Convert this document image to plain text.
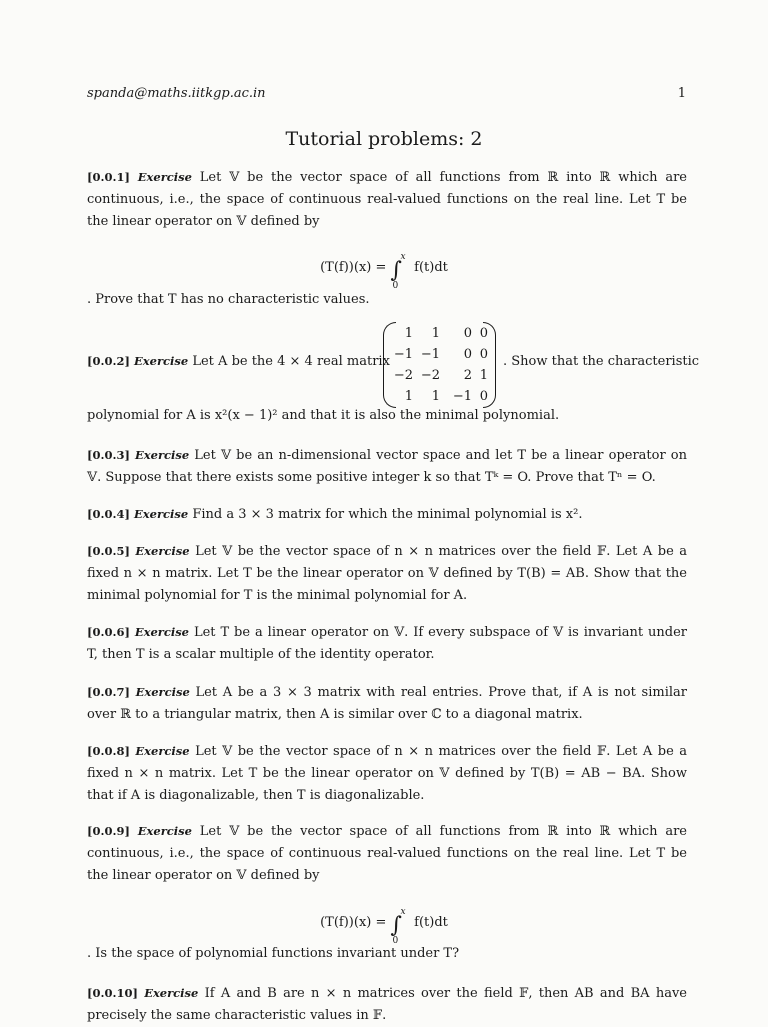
spanda@maths.iitkgp.ac.in	1
Tutorial problems: 2
[0.0.1] Exercise Let 𝕍 be the vector space of all functions from ℝ into ℝ which are continuous, i.e., the space of continuous real-valued functions on the real line. Let T be the linear operator on 𝕍 defined by
(T(f))(x) = ∫
x
0
f(t)dt
. Prove that T has no characteristic values.
[0.0.2] Exercise Let A be the 4 × 4 real matrix
1	1	0	0
−1	−1	0	0
−2	−2	2	1
1	1	−1	0
. Show that the characteristic
polynomial for A is x²(x − 1)² and that it is also the minimal polynomial.
[0.0.3] Exercise Let 𝕍 be an n-dimensional vector space and let T be a linear operator on 𝕍. Suppose that there exists some positive integer k so that Tᵏ = O. Prove that Tⁿ = O.
[0.0.4] Exercise Find a 3 × 3 matrix for which the minimal polynomial is x².
[0.0.5] Exercise Let 𝕍 be the vector space of n × n matrices over the field 𝔽. Let A be a fixed n × n matrix. Let T be the linear operator on 𝕍 defined by T(B) = AB. Show that the minimal polynomial for T is the minimal polynomial for A.
[0.0.6] Exercise Let T be a linear operator on 𝕍. If every subspace of 𝕍 is invariant under T, then T is a scalar multiple of the identity operator.
[0.0.7] Exercise Let A be a 3 × 3 matrix with real entries. Prove that, if A is not similar over ℝ to a triangular matrix, then A is similar over ℂ to a diagonal matrix.
[0.0.8] Exercise Let 𝕍 be the vector space of n × n matrices over the field 𝔽. Let A be a fixed n × n matrix. Let T be the linear operator on 𝕍 defined by T(B) = AB − BA. Show that if A is diagonalizable, then T is diagonalizable.
[0.0.9] Exercise Let 𝕍 be the vector space of all functions from ℝ into ℝ which are continuous, i.e., the space of continuous real-valued functions on the real line. Let T be the linear operator on 𝕍 defined by
(T(f))(x) = ∫
x
0
f(t)dt
. Is the space of polynomial functions invariant under T?
[0.0.10] Exercise If A and B are n × n matrices over the field 𝔽, then AB and BA have precisely the same characteristic values in 𝔽.
